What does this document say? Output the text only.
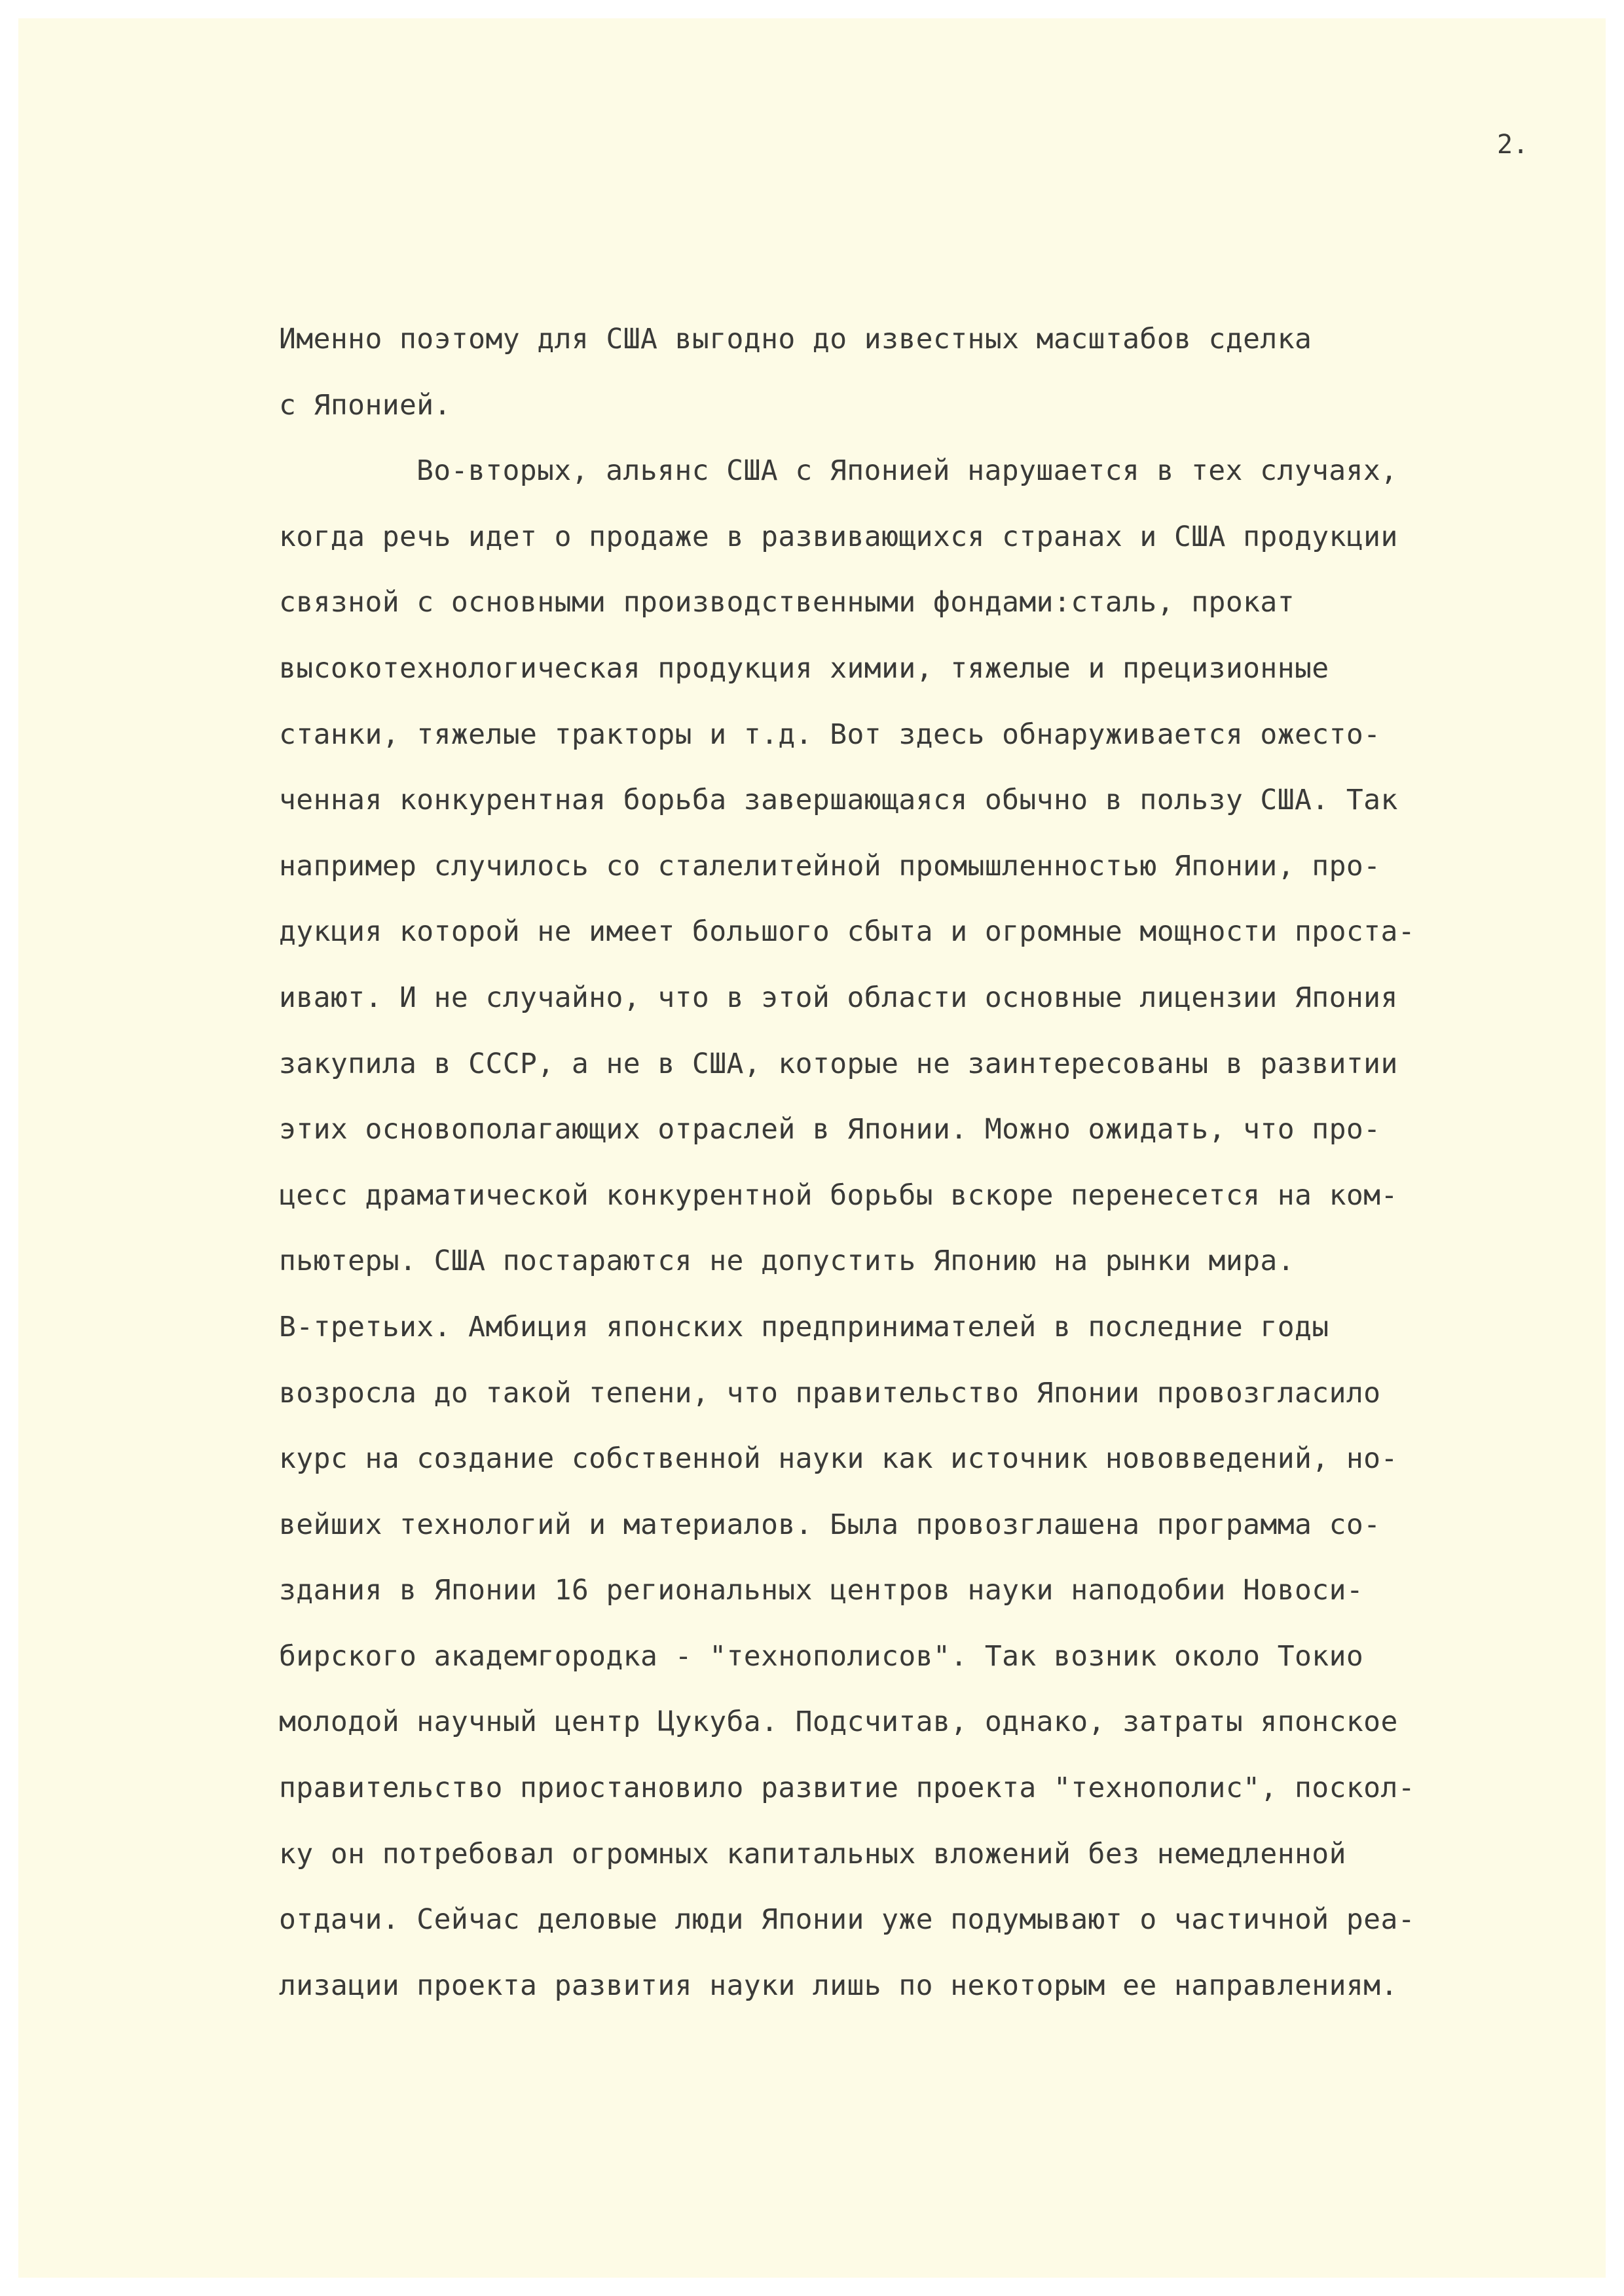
2.
Именно поэтому для США выгодно до известных масштабов сделка
с Японией.
Во-вторых, альянс США с Японией нарушается в тех случаях,
когда речь идет о продаже в развивающихся странах и США продукции
связной с основными производственными фондами:сталь, прокат
высокотехнологическая продукция химии, тяжелые и прецизионные
станки, тяжелые тракторы и т.д. Вот здесь обнаруживается ожесто-
ченная конкурентная борьба завершающаяся обычно в пользу США. Так
например случилось со сталелитейной промышленностью Японии, про-
дукция которой не имеет большого сбыта и огромные мощности проста-
ивают. И не случайно, что в этой области основные лицензии Япония
закупила в СССР, а не в США, которые не заинтересованы в развитии
этих основополагающих отраслей в Японии. Можно ожидать, что про-
цесс драматической конкурентной борьбы вскоре перенесется на ком-
пьютеры. США постараются не допустить Японию на рынки мира.
В-третьих. Амбиция японских предпринимателей в последние годы
возросла до такой тепени, что правительство Японии провозгласило
курс на создание собственной науки как источник нововведений, но-
вейших технологий и материалов. Была провозглашена программа со-
здания в Японии 16 региональных центров науки наподобии Новоси-
бирского академгородка - "технополисов". Так возник около Токио
молодой научный центр Цукуба. Подсчитав, однако, затраты японское
правительство приостановило развитие проекта "технополис", поскол-
ку он потребовал огромных капитальных вложений без немедленной
отдачи. Сейчас деловые люди Японии уже подумывают о частичной реа-
лизации проекта развития науки лишь по некоторым ее направлениям.
